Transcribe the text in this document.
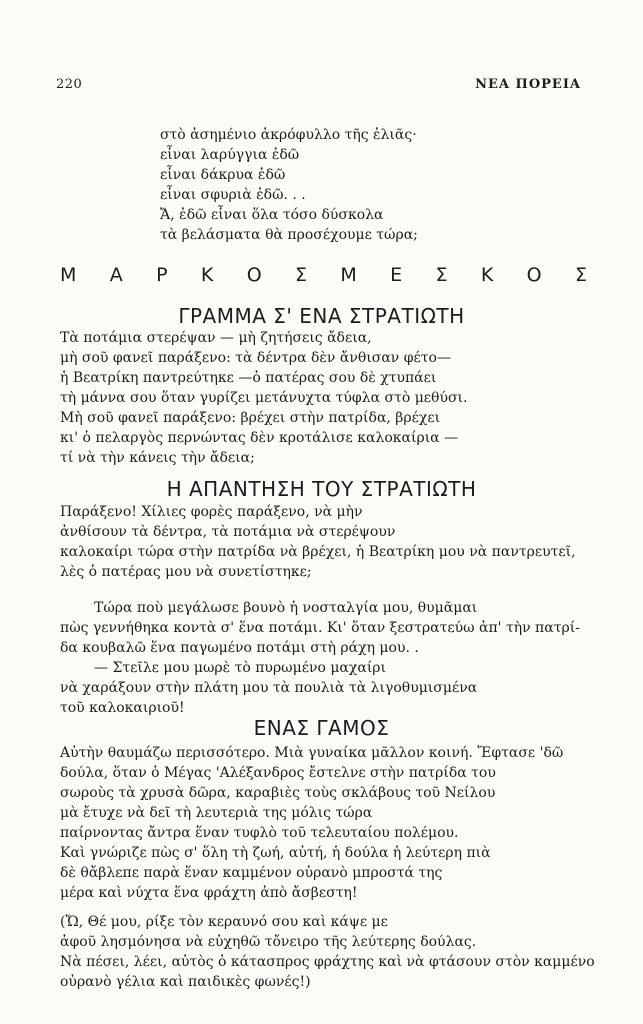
220	ΝΕΑ ΠΟΡΕΙΑ
στὸ ἀσημένιο ἀκρόφυλλο τῆς ἐλιᾶς·
εἶναι λαρύγγια ἐδῶ
εἶναι δάκρυα ἐδῶ
εἶναι σφυριὰ ἐδῶ. . .
Ἄ, ἐδῶ εἶναι ὅλα τόσο δύσκολα
τὰ βελάσματα θὰ προσέχουμε τώρα;
Μ Α Ρ Κ Ο Σ Μ Ε Σ Κ Ο Σ
ΓΡΑΜΜΑ Σ' ΕΝΑ ΣΤΡΑΤΙΩΤΗ
Τὰ ποτάμια στερέψαν — μὴ ζητήσεις ἄδεια,
μὴ σοῦ φανεῖ παράξενο: τὰ δέντρα δὲν ἄνθισαν φέτο—
ἡ Βεατρίκη παντρεύτηκε —ὁ πατέρας σου δὲ χτυπάει
τὴ μάννα σου ὅταν γυρίζει μετάνυχτα τύφλα στὸ μεθύσι.
Μὴ σοῦ φανεῖ παράξενο: βρέχει στὴν πατρίδα, βρέχει
κι' ὁ πελαργὸς περνώντας δὲν κροτάλισε καλοκαίρια —
τί νὰ τὴν κάνεις τὴν ἄδεια;
Η ΑΠΑΝΤΗΣΗ ΤΟΥ ΣΤΡΑΤΙΩΤΗ
Παράξενο! Χίλιες φορὲς παράξενο, νὰ μὴν
ἀνθίσουν τὰ δέντρα, τὰ ποτάμια νὰ στερέψουν
καλοκαίρι τώρα στὴν πατρίδα νὰ βρέχει, ἡ Βεατρίκη μου νὰ παντρευτεῖ,
λὲς ὁ πατέρας μου νὰ συνετίστηκε;
Τώρα ποὺ μεγάλωσε βουνὸ ἡ νοσταλγία μου, θυμᾶμαι
πὼς γεννήθηκα κοντὰ σ' ἕνα ποτάμι. Κι' ὅταν ξεστρατεύω ἀπ' τὴν πατρί-
δα κουβαλῶ ἕνα παγωμένο ποτάμι στὴ ράχη μου. .
— Στεῖλε μου μωρὲ τὸ πυρωμένο μαχαίρι
νὰ χαράξουν στὴν πλάτη μου τὰ πουλιὰ τὰ λιγοθυμισμένα
τοῦ καλοκαιριοῦ!
ΕΝΑΣ ΓΑΜΟΣ
Αὐτὴν θαυμάζω περισσότερο. Μιὰ γυναίκα μᾶλλον κοινή. Ἔφτασε 'δῶ
δούλα, ὅταν ὁ Μέγας 'Αλέξανδρος ἔστελνε στὴν πατρίδα του
σωροὺς τὰ χρυσὰ δῶρα, καραβιὲς τοὺς σκλάβους τοῦ Νείλου
μὰ ἔτυχε νὰ δεῖ τὴ λευτεριὰ της μόλις τώρα
παίρνοντας ἄντρα ἕναν τυφλὸ τοῦ τελευταίου πολέμου.
Καὶ γνώριζε πὼς σ' ὅλη τὴ ζωή, αὐτή, ἡ δούλα ἡ λεύτερη πιὰ
δὲ θἄβλεπε παρὰ ἕναν καμμένον οὐρανὸ μπροστά της
μέρα καὶ νύχτα ἕνα φράχτη ἀπὸ ἄσβεστη!
(Ὤ, Θέ μου, ρίξε τὸν κεραυνό σου καὶ κάψε με
ἀφοῦ λησμόνησα νὰ εὐχηθῶ τὄνειρο τῆς λεύτερης δούλας.
Νὰ πέσει, λέει, αὐτὸς ὁ κάτασπρος φράχτης καὶ νὰ φτάσουν στὸν καμμένο
οὐρανὸ γέλια καὶ παιδικὲς φωνές!)
